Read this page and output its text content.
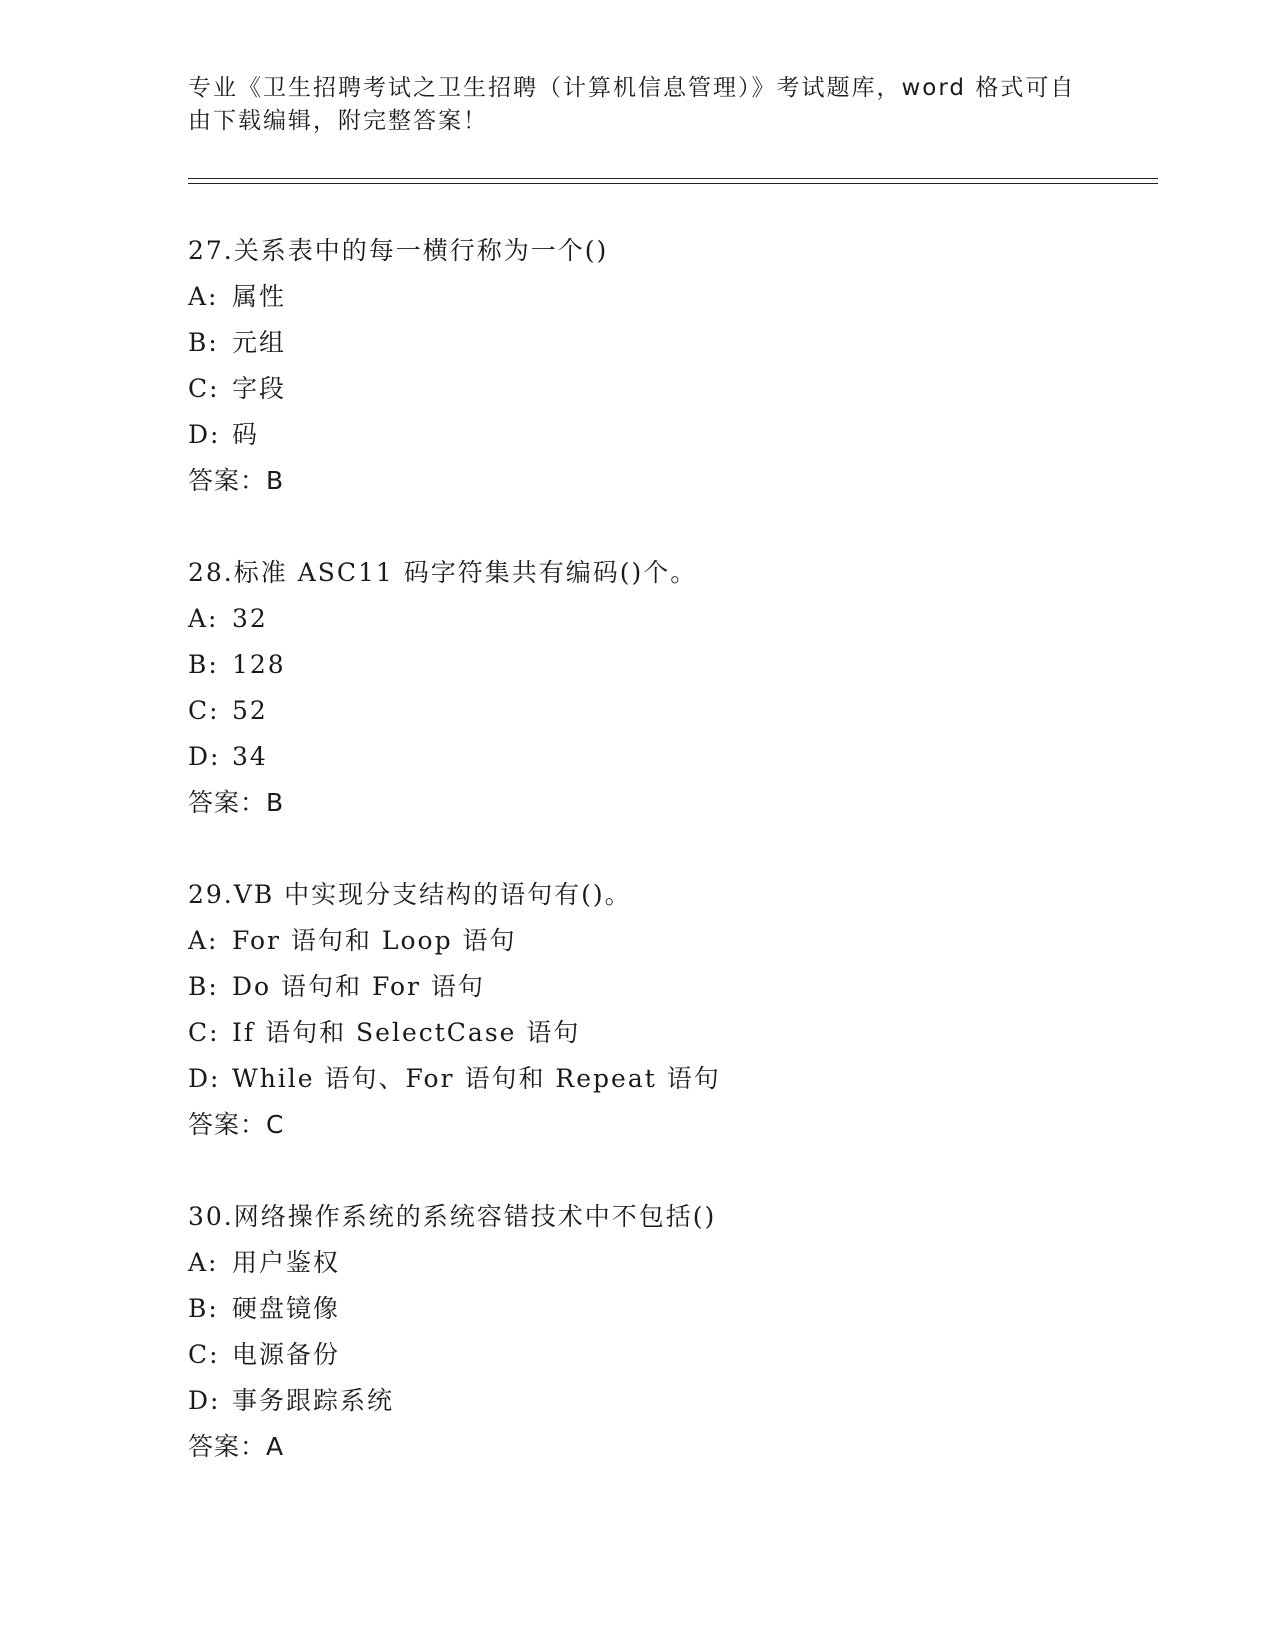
专业《卫生招聘考试之卫生招聘（计算机信息管理）》考试题库，word 格式可自
由下载编辑，附完整答案！
27.关系表中的每一横行称为一个()
A: 属性
B: 元组
C: 字段
D: 码
答案：B
28.标准 ASC11 码字符集共有编码()个。
A: 32
B: 128
C: 52
D: 34
答案：B
29.VB 中实现分支结构的语句有()。
A: For 语句和 Loop 语句
B: Do 语句和 For 语句
C: If 语句和 SelectCase 语句
D: While 语句、For 语句和 Repeat 语句
答案：C
30.网络操作系统的系统容错技术中不包括()
A: 用户鉴权
B: 硬盘镜像
C: 电源备份
D: 事务跟踪系统
答案：A
